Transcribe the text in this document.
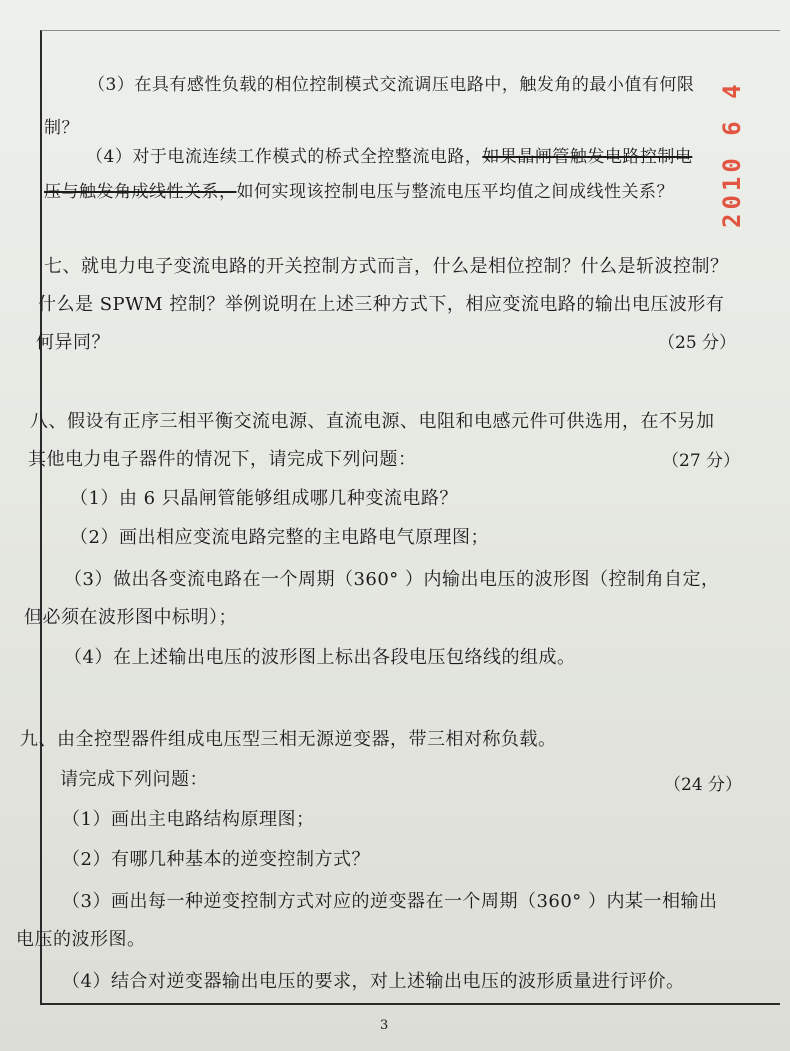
2010 6 4
（3）在具有感性负载的相位控制模式交流调压电路中，触发角的最小值有何限
制？
（4）对于电流连续工作模式的桥式全控整流电路，如果晶闸管触发电路控制电
压与触发角成线性关系，如何实现该控制电压与整流电压平均值之间成线性关系？
七、就电力电子变流电路的开关控制方式而言，什么是相位控制？什么是斩波控制？
什么是 SPWM 控制？举例说明在上述三种方式下，相应变流电路的输出电压波形有
何异同？	（25 分）
八、假设有正序三相平衡交流电源、直流电源、电阻和电感元件可供选用，在不另加
其他电力电子器件的情况下，请完成下列问题：	（27 分）
（1）由 6 只晶闸管能够组成哪几种变流电路？
（2）画出相应变流电路完整的主电路电气原理图；
（3）做出各变流电路在一个周期（360° ）内输出电压的波形图（控制角自定，
但必须在波形图中标明）；
（4）在上述输出电压的波形图上标出各段电压包络线的组成。
九、由全控型器件组成电压型三相无源逆变器，带三相对称负载。
请完成下列问题：	（24 分）
（1）画出主电路结构原理图；
（2）有哪几种基本的逆变控制方式？
（3）画出每一种逆变控制方式对应的逆变器在一个周期（360° ）内某一相输出
电压的波形图。
（4）结合对逆变器输出电压的要求，对上述输出电压的波形质量进行评价。
3
